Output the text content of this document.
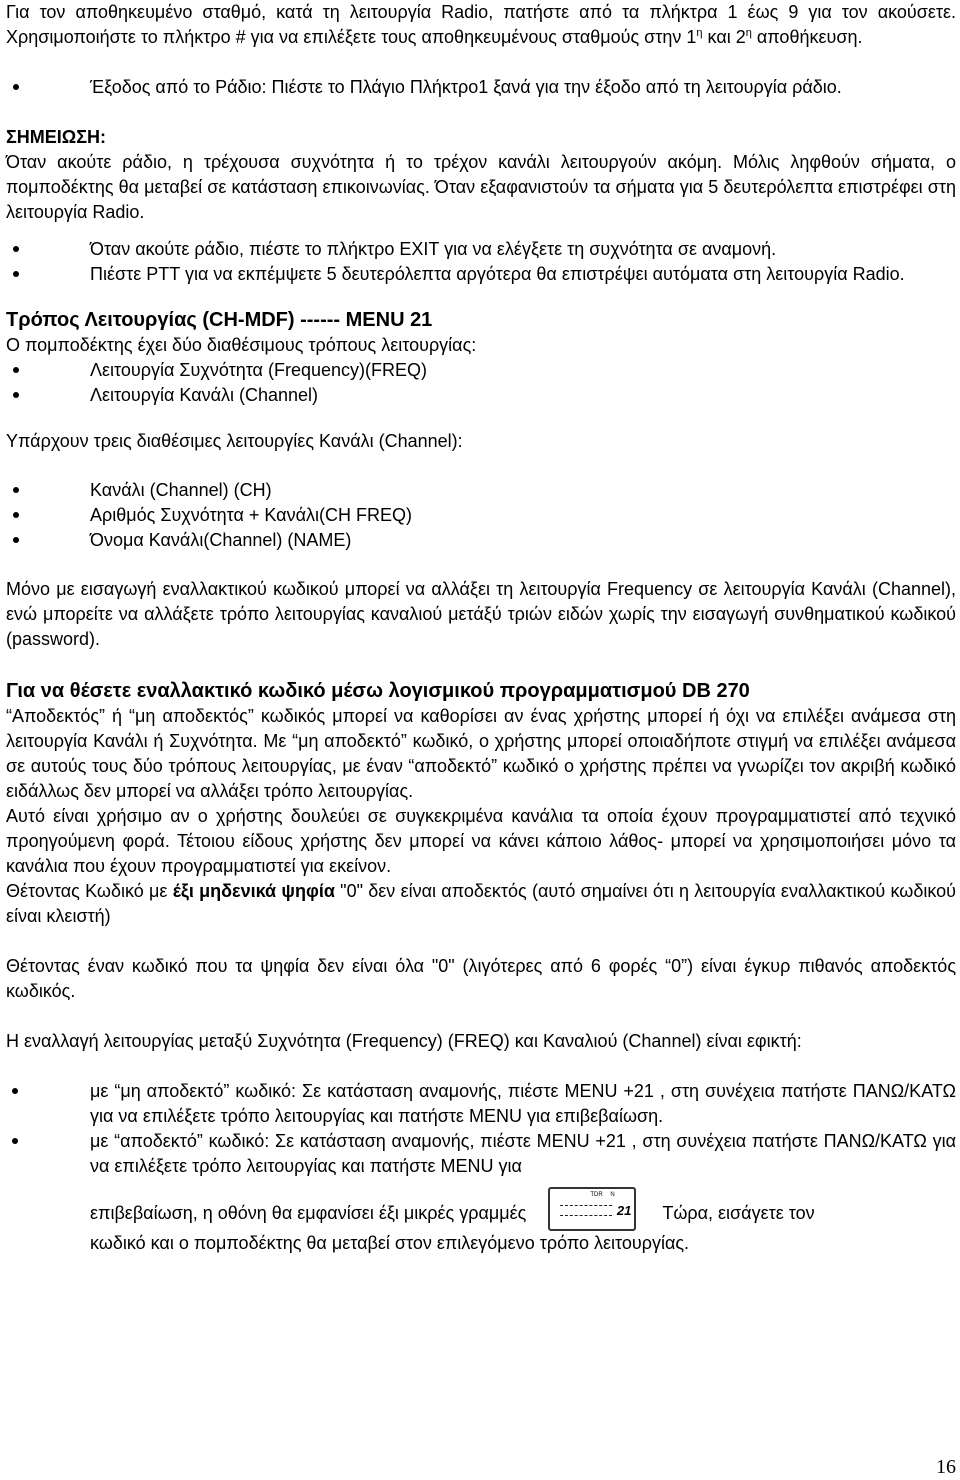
Για τον αποθηκευμένο σταθμό, κατά τη λειτουργία Radio, πατήστε από τα πλήκτρα 1 έως 9 για τον ακούσετε. Χρησιμοποιήστε το πλήκτρο # για να επιλέξετε τους αποθηκευμένους σταθμούς στην $1^\eta$ και $2^\eta$ αποθήκευση.

Έξοδος από το Ράδιο: Πιέστε το Πλάγιο Πλήκτρο1 ξανά για την έξοδο από τη λειτουργία ράδιο.

ΣΗΜΕΙΩΣΗ:

Όταν ακούτε ράδιο, η τρέχουσα συχνότητα ή το τρέχον κανάλι λειτουργούν ακόμη. Μόλις ληφθούν σήματα, ο πομποδέκτης θα μεταβεί σε κατάσταση επικοινωνίας. Όταν εξαφανιστούν τα σήματα για 5 δευτερόλεπτα επιστρέφει στη λειτουργία Radio.

Όταν ακούτε ράδιο, πιέστε το πλήκτρο EXIT για να ελέγξετε τη συχνότητα σε αναμονή.

Πιέστε PTT για να εκπέμψετε 5 δευτερόλεπτα αργότερα θα επιστρέψει αυτόματα στη λειτουργία Radio.

Τρόπος Λειτουργίας (CH-MDF) ------ MENU 21

Ο πομποδέκτης έχει δύο διαθέσιμους τρόπους λειτουργίας:

Λειτουργία Συχνότητα (Frequency)(FREQ)

Λειτουργία Κανάλι (Channel)

Υπάρχουν τρεις διαθέσιμες λειτουργίες Κανάλι (Channel):

Κανάλι (Channel) (CH)

Αριθμός Συχνότητα + Κανάλι(CH FREQ)

Όνομα Κανάλι(Channel) (NAME)

Μόνο με εισαγωγή εναλλακτικού κωδικού μπορεί να αλλάξει τη λειτουργία Frequency σε λειτουργία Κανάλι (Channel), ενώ μπορείτε να αλλάξετε τρόπο λειτουργίας καναλιού μετάξύ τριών ειδών χωρίς την εισαγωγή συνθηματικού κωδικού (password).

Για να θέσετε εναλλακτικό κωδικό μέσω λογισμικού προγραμματισμού DB 270

“Αποδεκτός” ή “μη αποδεκτός” κωδικός μπορεί να καθορίσει αν ένας χρήστης μπορεί ή όχι να επιλέξει ανάμεσα στη λειτουργία Κανάλι ή Συχνότητα. Με “μη αποδεκτό” κωδικό, ο χρήστης μπορεί οποιαδήποτε στιγμή να επιλέξει ανάμεσα σε αυτούς τους δύο τρόπους λειτουργίας, με έναν “αποδεκτό” κωδικό ο χρήστης πρέπει να γνωρίζει τον ακριβή κωδικό ειδάλλως δεν μπορεί να αλλάξει τρόπο λειτουργίας.

Αυτό είναι χρήσιμο αν ο χρήστης δουλεύει σε συγκεκριμένα κανάλια τα οποία έχουν προγραμματιστεί από τεχνικό προηγούμενη φορά. Τέτοιου είδους χρήστης δεν μπορεί να κάνει κάποιο λάθος- μπορεί να χρησιμοποιήσει μόνο τα κανάλια που έχουν προγραμματιστεί για εκείνον.

Θέτοντας Κωδικό με έξι μηδενικά ψηφία "0" δεν είναι αποδεκτός (αυτό σημαίνει ότι η λειτουργία εναλλακτικού κωδικού είναι κλειστή)

Θέτοντας έναν κωδικό που τα ψηφία δεν είναι όλα "0" (λιγότερες από 6 φορές “0”) είναι έγκυρ πιθανός αποδεκτός κωδικός.

Η εναλλαγή λειτουργίας μεταξύ Συχνότητα (Frequency) (FREQ) και Καναλιού (Channel) είναι εφικτή:

με “μη αποδεκτό” κωδικό: Σε κατάσταση αναμονής, πιέστε MENU +21 , στη συνέχεια πατήστε ΠΑΝΩ/ΚΑΤΩ για να επιλέξετε τρόπο λειτουργίας και πατήστε MENU για επιβεβαίωση.

με “αποδεκτό” κωδικό: Σε κατάσταση αναμονής, πιέστε MENU +21 , στη συνέχεια πατήστε ΠΑΝΩ/ΚΑΤΩ για να επιλέξετε τρόπο λειτουργίας και πατήστε MENU για

επιβεβαίωση, η οθόνη θα εμφανίσει έξι μικρές γραμμές
TDR N
21 Τώρα, εισάγετε τον

κωδικό και ο πομποδέκτης θα μεταβεί στον επιλεγόμενο τρόπο λειτουργίας.

16
